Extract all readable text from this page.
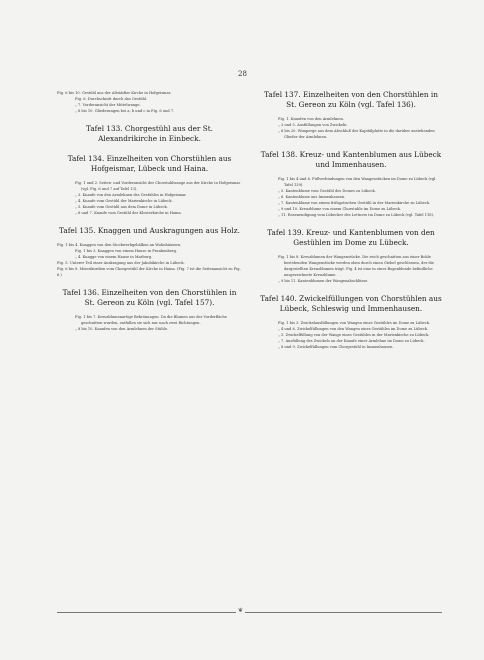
28

Fig. 6 bis 10. Gestühl aus der Altstädter Kirche in Hofgeismar.

Fig. 6. Durchschnitt durch das Gestühl.

„ 7. Vorderansicht der Mittelwange.

„ 8 bis 10. Gliederungen bei a, b und c in Fig. 6 und 7.

Tafel 133. Chorgestühl aus der St. Alexandrikirche in Einbeck.
Tafel 134. Einzelheiten von Chorstühlen aus Hofgeismar, Lübeck und Haina.

Fig. 1 und 2. Seiten- und Vorderansicht der Chorstuhlwange aus der Kirche in Hofgeismar (vgl. Fig. 6 und 7 auf Tafel 13).

„ 3. Knaufe von den Armlehnen des Gestühles in Hofgeismar.

„ 4. Knaufe vom Gestühl der Marienkirche in Lübeck.

„ 5. Knaufe vom Gestühl aus dem Dome in Lübeck.

„ 6 und 7. Knaufe vom Gestühl der Klosterkirche in Haina.

Tafel 135. Knaggen und Auskragungen aus Holz.

Fig. 1 bis 4. Knaggen von den Stockwerkgebälken an Wohnhäusern.

Fig. 1 bis 3. Knaggen von einem Hause in Frankenberg.

„ 4. Knagge von einem Hause in Marburg.

Fig. 5. Unterer Teil einer Auskragung aus der Jakobikirche in Lübeck.

Fig. 6 bis 8. Miserikordien vom Chorgestühl der Kirche in Haina. (Fig. 7 ist die Seitenansicht zu Fig. 6.)

Tafel 136. Einzelheiten von den Chorstühlen in St. Gereon zu Köln (vgl. Tafel 157).

Fig. 1 bis 7. Kreuzblumenartige Bekrönungen. Da die Blumen aus der Vorderfläche geschnitten wurden, entfallen sie sich nur nach zwei Richtungen.

„ 8 bis 10. Knaufen von den Armlehnen der Stühle.

Tafel 137. Einzelheiten von den Chorstühlen in St. Gereon zu Köln (vgl. Tafel 136).

Fig. 1. Knaufen von den Armlehnen.

„ 3 und 5. Ausfüllungen von Zwickeln.

„ 6 bis 20. Wimperge aus dem Abschluß der Kapitälplatte in die darüber anstehenden Glieder der Armlehnen.

Tafel 138. Kreuz- und Kantenblumen aus Lübeck und Immenhausen.

Fig. 1 bis 4 und 6. Füllverbindungen von den Wangenstücken im Dome zu Lübeck (vgl. Tafel 139).

„ 5. Kantenblume vom Gestühl des Domes zu Lübeck.

„ 6. Kantenblume aus Immenhausen.

„ 7. Kantenblume von einem frühgotischen Gestühl in der Marienkirche zu Lübeck.

„ 9 und 10. Kreuzblume von einem Chorstuhle im Dome zu Lübeck.

„ 11. Rosenendigung vom Lübecker des Lettners im Dome zu Lübeck (vgl. Tafel 118).

Tafel 139. Kreuz- und Kantenblumen von den Gestühlen im Dome zu Lübeck.

Fig. 1 bis 8. Kreuzblumen der Wangenstücke. Die reich geschnitten aus einer Bohle bestehenden Wangenstücke werden oben durch einen Giebel geschlossen, der die dargestellten Kreuzblumen trägt. Fig. 4 ist eine in einer Bogenblende befindliche ausgezeichnete Kreuzblume.

„ 9 bis 11. Kantenblumen der Wangenabschlüsse.

Tafel 140. Zwickelfüllungen von Chorstühlen aus Lübeck, Schleswig und Immenhausen.

Fig. 1 bis 3. Zwickelausfüllungen von Wangen eines Gestühles im Dome zu Lübeck.

„ 4 und 6. Zwickelfüllungen von den Wangen eines Gestühles im Dome zu Lübeck.

„ 5. Zwickelfüllung von der Wange eines Gestühles in der Marienkirche zu Lübeck.

„ 7. Ausfüllung des Zwickels an der Knaufe einer Armlehne im Dome zu Lübeck.

„ 8 und 9. Zwickelfüllungen vom Chorgestühl in Immenhausen.

❦
